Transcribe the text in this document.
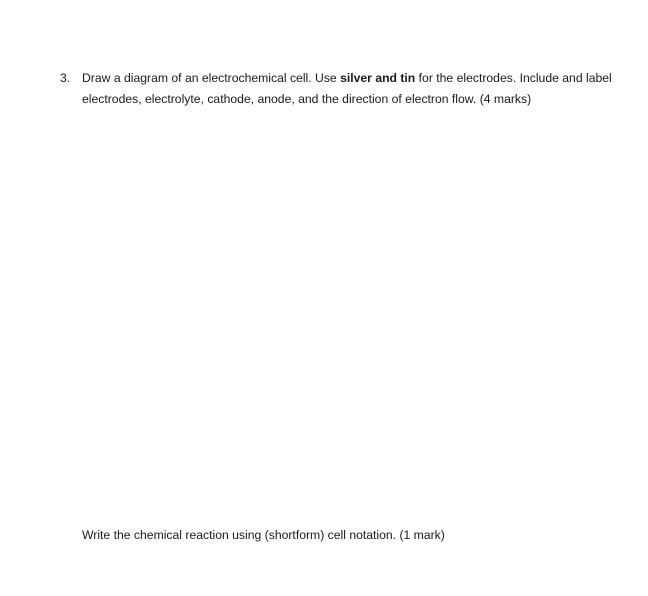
3. Draw a diagram of an electrochemical cell. Use silver and tin for the electrodes. Include and label electrodes, electrolyte, cathode, anode, and the direction of electron flow. (4 marks)
Write the chemical reaction using (shortform) cell notation. (1 mark)
